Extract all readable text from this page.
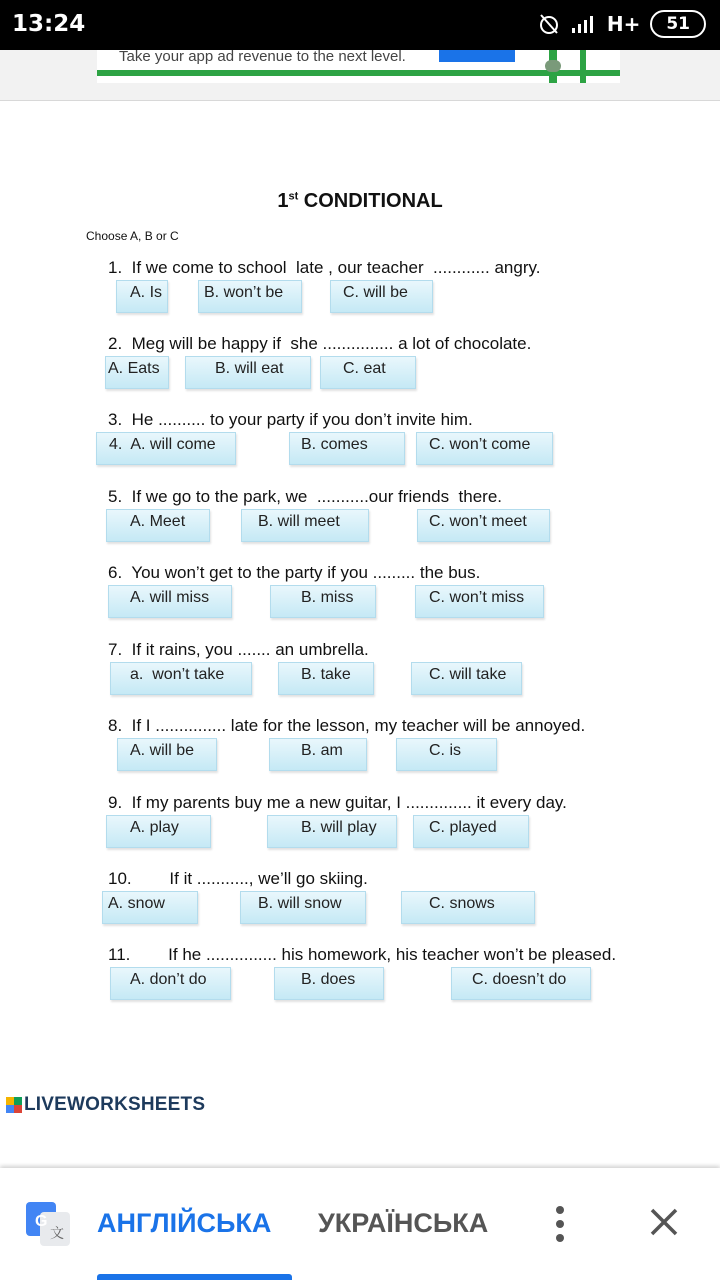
13:24	H+	51
Take your app ad revenue to the next level.
1st CONDITIONAL
Choose A, B or C
1.  If we come to school  late , our teacher  ............ angry.
A. Is	B. won’t be	C. will be
2.  Meg will be happy if  she ............... a lot of chocolate.
A. Eats	B. will eat	C. eat
3.  He .......... to your party if you don’t invite him.
4.  A. will come	B. comes	C. won’t come
5.  If we go to the park, we  ...........our friends  there.
A. Meet	B. will meet	C. won’t meet
6.  You won’t get to the party if you ......... the bus.
A. will miss	B. miss	C. won’t miss
7.  If it rains, you ....... an umbrella.
a.  won’t take	B. take	C. will take
8.  If I ............... late for the lesson, my teacher will be annoyed.
A. will be	B. am	C. is
9.  If my parents buy me a new guitar, I .............. it every day.
A. play	B. will play	C. played
10.        If it ..........., we’ll go skiing.
A. snow	B. will snow	C. snows
11.        If he ............... his homework, his teacher won’t be pleased.
A. don’t do	B. does	C. doesn’t do
LIVEWORKSHEETS
G
文 АНГЛІЙСЬКА УКРАЇНСЬКА
